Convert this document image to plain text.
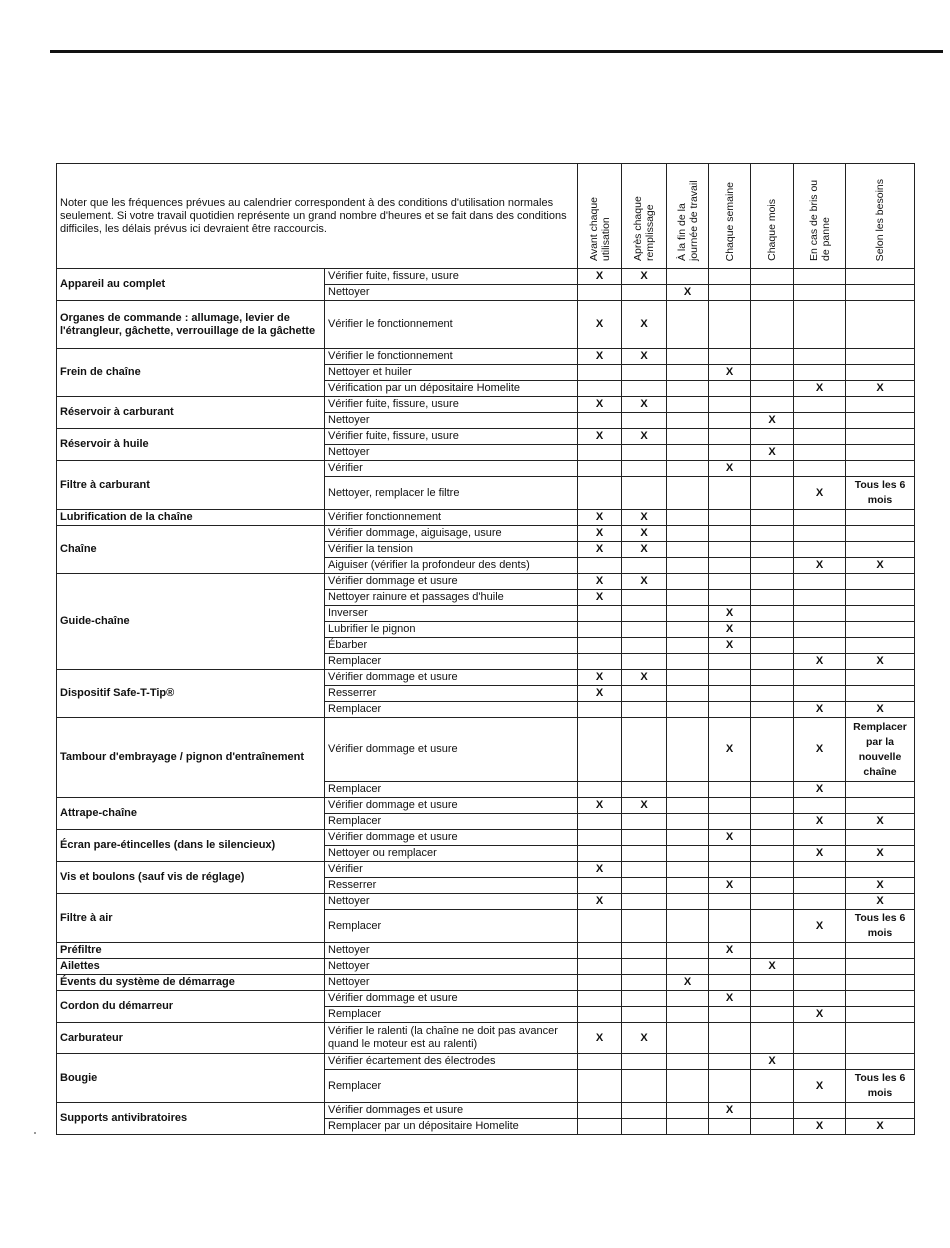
Noter que les fréquences prévues au calendrier correspondent à des conditions d'utilisation normales seulement. Si votre travail quotidien représente un grand nombre d'heures et se fait dans des conditions difficiles, les délais prévus ici devraient être raccourcis.		Avant chaque utilisation	Après chaque remplissage	À la fin de la journée de travail	Chaque semaine	Chaque mois	En cas de bris ou de panne	Selon les besoins
Appareil au complet	Vérifier fuite, fissure, usure	X	X					
	Nettoyer			X				
Organes de commande : allumage, levier de l'étrangleur, gâchette, verrouillage de la gâchette	Vérifier le fonctionnement	X	X					
Frein de chaîne	Vérifier le fonctionnement	X	X					
	Nettoyer et huiler				X			
	Vérification par un dépositaire Homelite						X	X
Réservoir à carburant	Vérifier fuite, fissure, usure	X	X					
	Nettoyer					X		
Réservoir à huile	Vérifier fuite, fissure, usure	X	X					
	Nettoyer					X		
Filtre à carburant	Vérifier				X			
	Nettoyer, remplacer le filtre						X	Tous les 6 mois
Lubrification de la chaîne	Vérifier fonctionnement	X	X					
Chaîne	Vérifier dommage, aiguisage, usure	X	X					
	Vérifier la tension	X	X					
	Aiguiser (vérifier la profondeur des dents)						X	X
Guide-chaîne	Vérifier dommage et usure	X	X					
	Nettoyer rainure et passages d'huile	X						
	Inverser				X			
	Lubrifier le pignon				X			
	Ébarber				X			
	Remplacer						X	X
Dispositif Safe-T-Tip®	Vérifier dommage et usure	X	X					
	Resserrer	X						
	Remplacer						X	X
Tambour d'embrayage / pignon d'entraînement	Vérifier dommage et usure				X		X	Remplacer par la nouvelle chaîne
	Remplacer						X	
Attrape-chaîne	Vérifier dommage et usure	X	X					
	Remplacer						X	X
Écran pare-étincelles (dans le silencieux)	Vérifier dommage et usure				X			
	Nettoyer ou remplacer						X	X
Vis et boulons (sauf vis de réglage)	Vérifier	X						
	Resserrer				X			X
Filtre à air	Nettoyer	X						X
	Remplacer						X	Tous les 6 mois
Préfiltre	Nettoyer				X			
Ailettes	Nettoyer					X		
Évents du système de démarrage	Nettoyer			X				
Cordon du démarreur	Vérifier dommage et usure				X			
	Remplacer						X	
Carburateur	Vérifier le ralenti (la chaîne ne doit pas avancer quand le moteur est au ralenti)	X	X					
Bougie	Vérifier écartement des électrodes					X		
	Remplacer						X	Tous les 6 mois
Supports antivibratoires	Vérifier dommages et usure				X			
	Remplacer par un dépositaire Homelite						X	X
